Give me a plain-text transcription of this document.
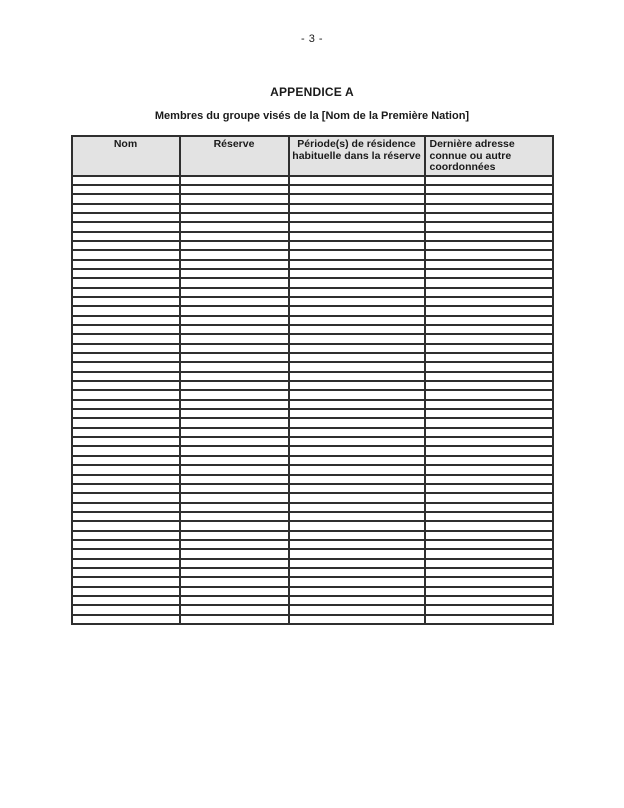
- 3 -
APPENDICE A
Membres du groupe visés de la [Nom de la Première Nation]
Nom	Réserve	Période(s) de résidence habituelle dans la réserve	Dernière adresse connue ou autre coordonnées
